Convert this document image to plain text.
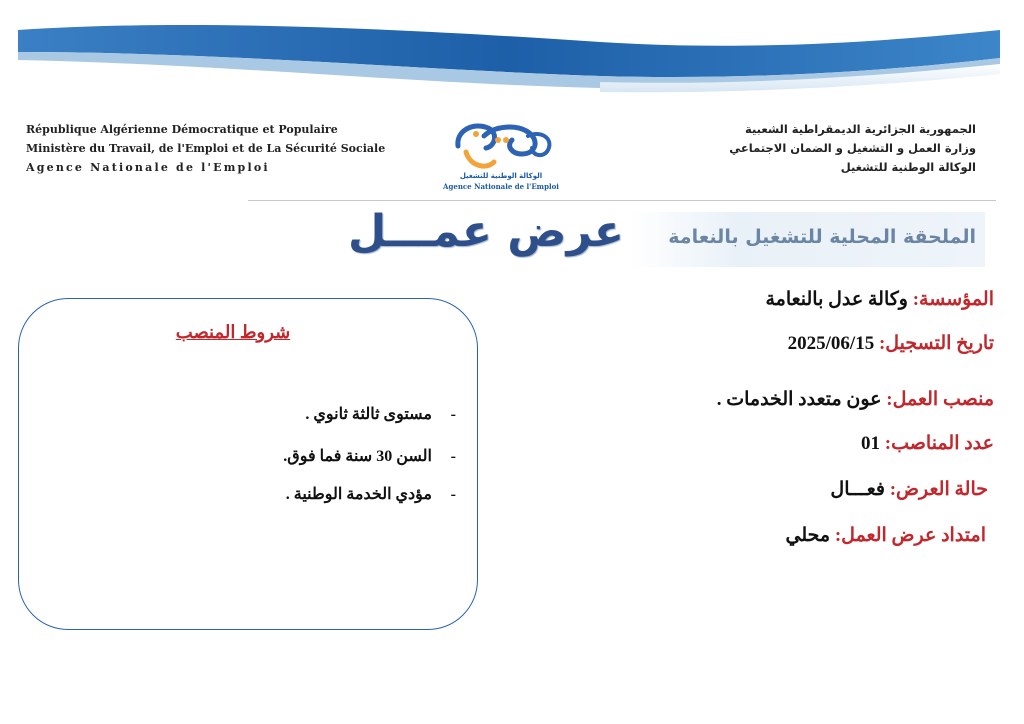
République Algérienne Démocratique et Populaire
Ministère du Travail, de l'Emploi et de La Sécurité Sociale
Agence Nationale de l'Emploi
الوكالة الوطنية للتشغيل
Agence Nationale de l'Emploi
الجمهورية الجزائرية الديمقراطية الشعبية
وزارة العمل و التشغيل و الضمان الاجتماعي
الوكالة الوطنية للتشغيل
الملحقة المحلية للتشغيل بالنعامة
عرض عمـــل
المؤسسة: وكالة عدل بالنعامة
تاريخ التسجيل: 2025/06/15
منصب العمل: عون متعدد الخدمات .
عدد المناصب: 01
حالة العرض: فعـــال
امتداد عرض العمل: محلي
شروط المنصب
-مستوى ثالثة ثانوي .
-السن 30 سنة فما فوق.
-مؤدي الخدمة الوطنية .
